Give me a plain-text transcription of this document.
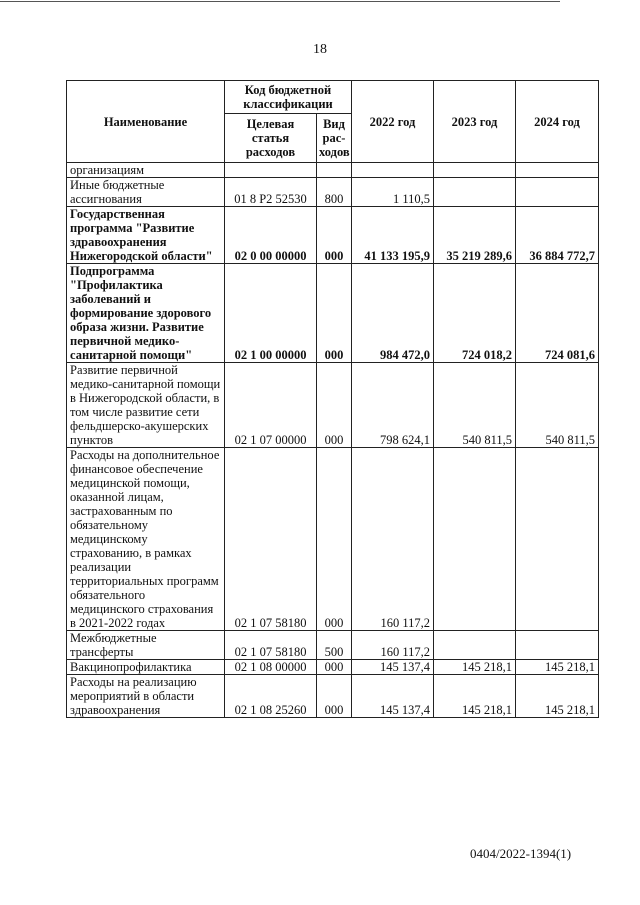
18
Наименование	Код бюджетной классификации		2022 год	2023 год	2024 год
	Целевая статья расходов	Вид рас- ходов			
организациям					
Иные бюджетные ассигнования	01 8 P2 52530	800	1 110,5		
Государственная программа "Развитие здравоохранения Нижегородской области"	02 0 00 00000	000	41 133 195,9	35 219 289,6	36 884 772,7
Подпрограмма "Профилактика заболеваний и формирование здорового образа жизни. Развитие первичной медико-санитарной помощи"	02 1 00 00000	000	984 472,0	724 018,2	724 081,6
Развитие первичной медико-санитарной помощи в Нижегородской области, в том числе развитие сети фельдшерско-акушерских пунктов	02 1 07 00000	000	798 624,1	540 811,5	540 811,5
Расходы на дополнительное финансовое обеспечение медицинской помощи, оказанной лицам, застрахованным по обязательному медицинскому страхованию, в рамках реализации территориальных программ обязательного медицинского страхования в 2021-2022 годах	02 1 07 58180	000	160 117,2		
Межбюджетные трансферты	02 1 07 58180	500	160 117,2		
Вакцинопрофилактика	02 1 08 00000	000	145 137,4	145 218,1	145 218,1
Расходы на реализацию мероприятий в области здравоохранения	02 1 08 25260	000	145 137,4	145 218,1	145 218,1
0404/2022-1394(1)
